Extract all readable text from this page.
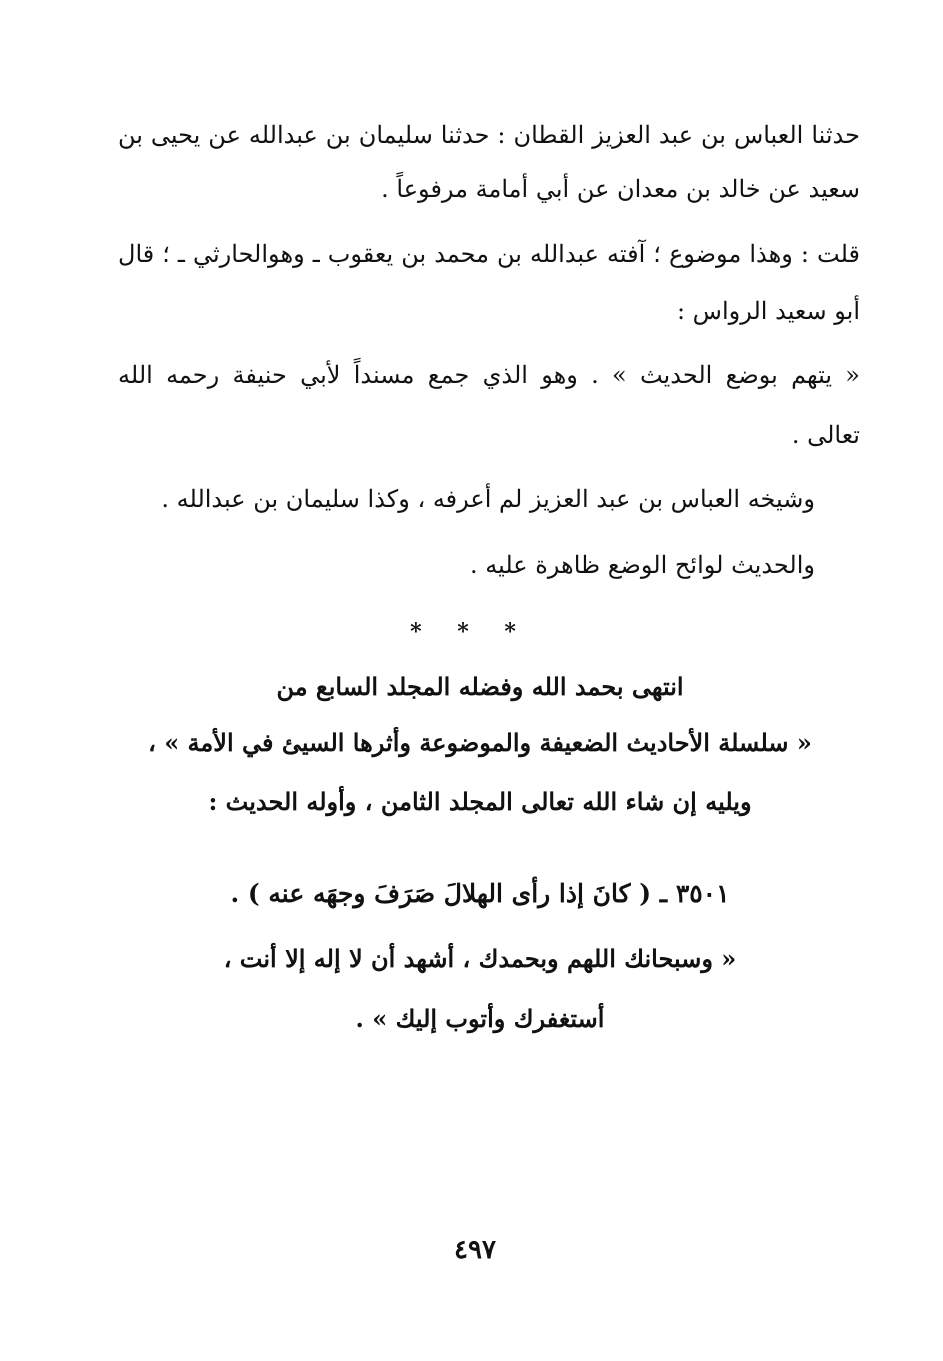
حدثنا العباس بن عبد العزيز القطان : حدثنا سليمان بن عبدالله عن يحيى بن
سعيد عن خالد بن معدان عن أبي أمامة مرفوعاً .
قلت : وهذا موضوع ؛ آفته عبدالله بن محمد بن يعقوب ـ وهوالحارثي ـ ؛ قال
أبو سعيد الرواس :
« يتهم بوضع الحديث » . وهو الذي جمع مسنداً لأبي حنيفة رحمه الله
تعالى .
وشيخه العباس بن عبد العزيز لم أعرفه ، وكذا سليمان بن عبدالله .
والحديث لوائح الوضع ظاهرة عليه .
* * *
انتهى بحمد الله وفضله المجلد السابع من
« سلسلة الأحاديث الضعيفة والموضوعة وأثرها السيئ في الأمة » ،
ويليه إن شاء الله تعالى المجلد الثامن ، وأوله الحديث :
٣٥٠١ ـ ( كانَ إذا رأى الهلالَ صَرَفَ وجهَه عنه ) .
« وسبحانك اللهم وبحمدك ، أشهد أن لا إله إلا أنت ،
أستغفرك وأتوب إليك » .
٤٩٧
